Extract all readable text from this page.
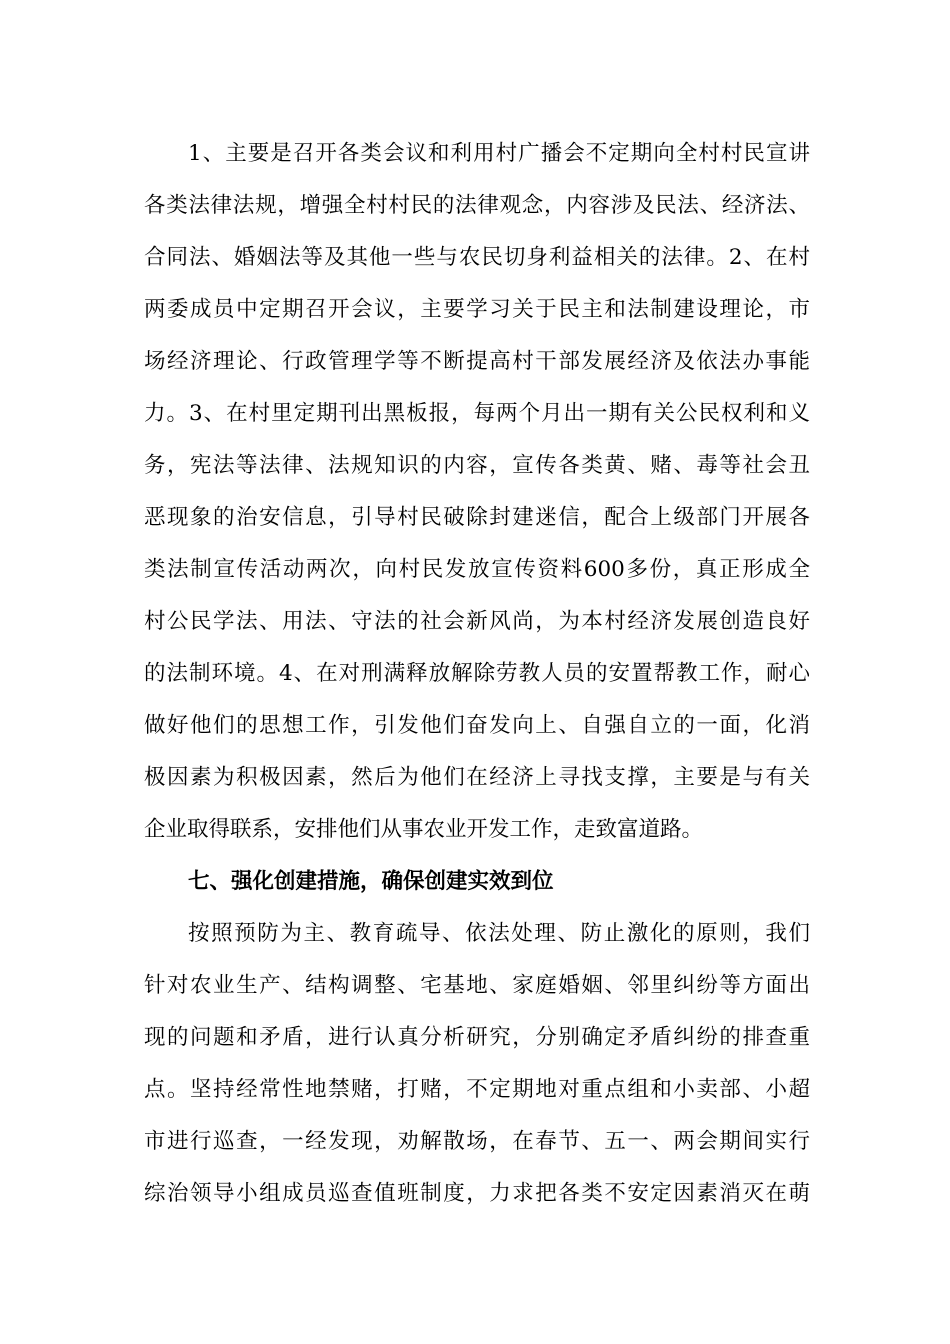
1、主要是召开各类会议和利用村广播会不定期向全村村民宣讲
各类法律法规，增强全村村民的法律观念，内容涉及民法、经济法、
合同法、婚姻法等及其他一些与农民切身利益相关的法律。2、在村
两委成员中定期召开会议，主要学习关于民主和法制建设理论，市
场经济理论、行政管理学等不断提高村干部发展经济及依法办事能
力。3、在村里定期刊出黑板报，每两个月出一期有关公民权利和义
务，宪法等法律、法规知识的内容，宣传各类黄、赌、毒等社会丑
恶现象的治安信息，引导村民破除封建迷信，配合上级部门开展各
类法制宣传活动两次，向村民发放宣传资料600多份，真正形成全
村公民学法、用法、守法的社会新风尚，为本村经济发展创造良好
的法制环境。4、在对刑满释放解除劳教人员的安置帮教工作，耐心
做好他们的思想工作，引发他们奋发向上、自强自立的一面，化消
极因素为积极因素，然后为他们在经济上寻找支撑，主要是与有关
企业取得联系，安排他们从事农业开发工作，走致富道路。
七、强化创建措施，确保创建实效到位
按照预防为主、教育疏导、依法处理、防止激化的原则，我们
针对农业生产、结构调整、宅基地、家庭婚姻、邻里纠纷等方面出
现的问题和矛盾，进行认真分析研究，分别确定矛盾纠纷的排查重
点。坚持经常性地禁赌，打赌，不定期地对重点组和小卖部、小超
市进行巡查，一经发现，劝解散场，在春节、五一、两会期间实行
综治领导小组成员巡查值班制度，力求把各类不安定因素消灭在萌
